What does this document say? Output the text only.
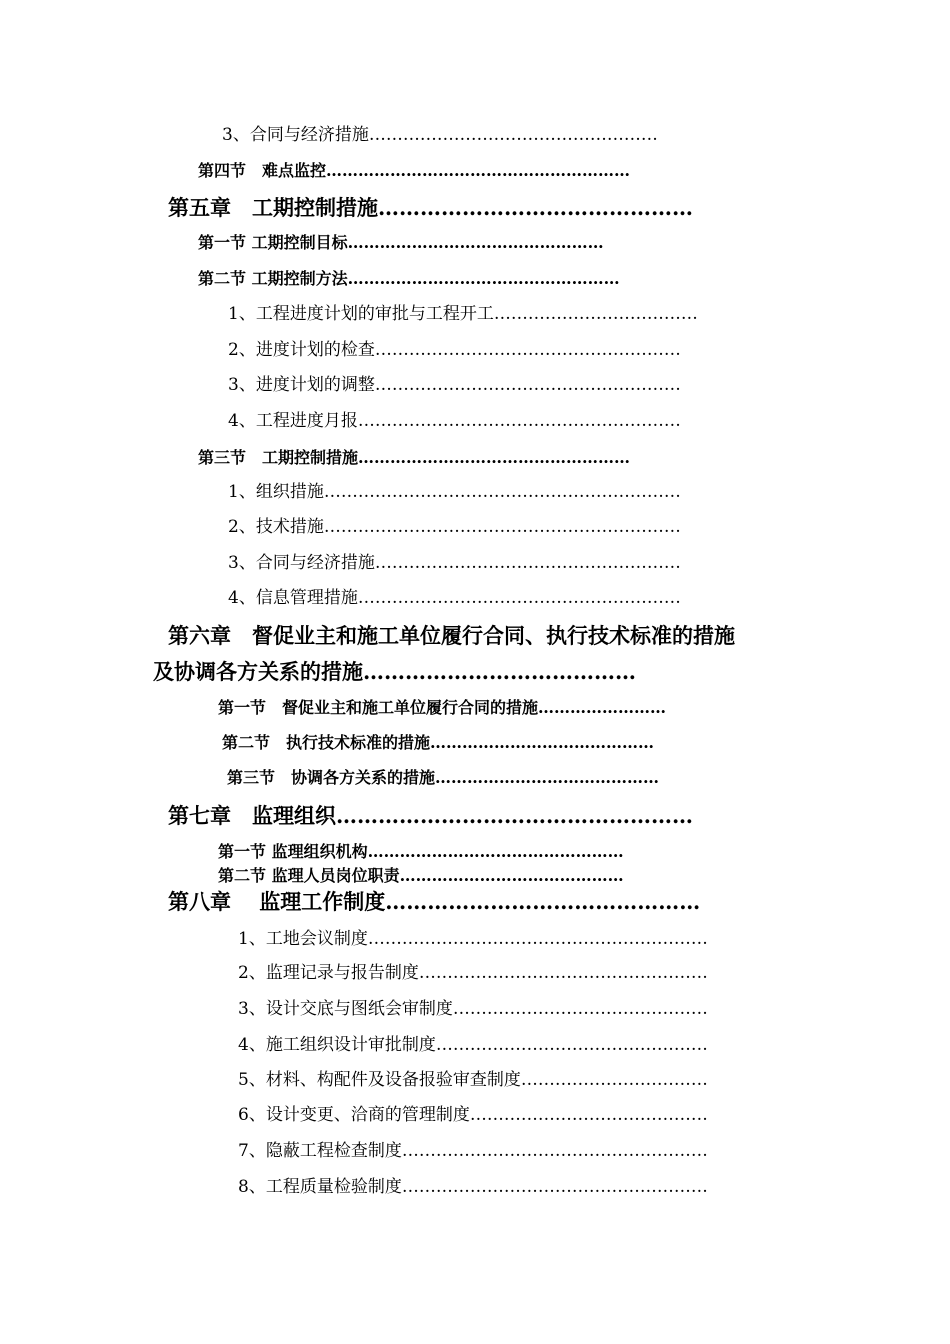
3、合同与经济措施……………………………………………
第四节　难点监控…………………………………………………
第五章　工期控制措施………………………………………
第一节 工期控制目标…………………………………………
第二节 工期控制方法……………………………………………
1、工程进度计划的审批与工程开工………………………………
2、进度计划的检查………………………………………………
3、进度计划的调整………………………………………………
4、工程进度月报…………………………………………………
第三节　工期控制措施……………………………………………
1、组织措施………………………………………………………
2、技术措施………………………………………………………
3、合同与经济措施………………………………………………
4、信息管理措施…………………………………………………
第六章　督促业主和施工单位履行合同、执行技术标准的措施
及协调各方关系的措施…………………………………
第一节　督促业主和施工单位履行合同的措施……………………
第二节　执行技术标准的措施……………………………………
第三节　协调各方关系的措施……………………………………
第七章　监理组织……………………………………………
第一节 监理组织机构…………………………………………
第二节 监理人员岗位职责……………………………………
第八章　 监理工作制度………………………………………
1、工地会议制度……………………………………………………
2、监理记录与报告制度……………………………………………
3、设计交底与图纸会审制度………………………………………
4、施工组织设计审批制度…………………………………………
5、材料、构配件及设备报验审查制度……………………………
6、设计变更、洽商的管理制度……………………………………
7、隐蔽工程检查制度………………………………………………
8、工程质量检验制度………………………………………………
